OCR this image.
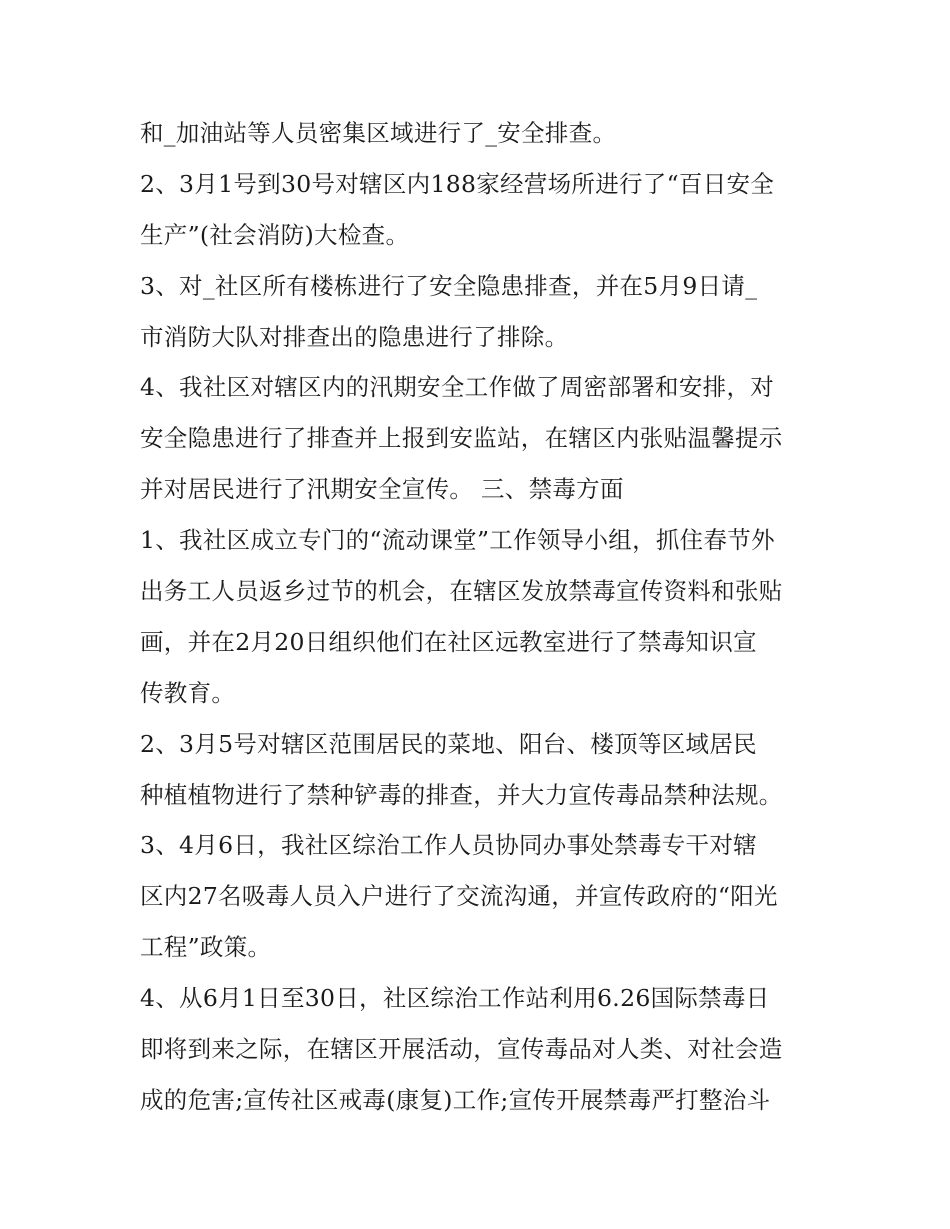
和_加油站等人员密集区域进行了_安全排查。
2、3月1号到30号对辖区内188家经营场所进行了“百日安全
生产”(社会消防)大检查。
3、对_社区所有楼栋进行了安全隐患排查，并在5月9日请_
市消防大队对排查出的隐患进行了排除。
4、我社区对辖区内的汛期安全工作做了周密部署和安排，对
安全隐患进行了排查并上报到安监站，在辖区内张贴温馨提示
并对居民进行了汛期安全宣传。 三、禁毒方面
1、我社区成立专门的“流动课堂”工作领导小组，抓住春节外
出务工人员返乡过节的机会，在辖区发放禁毒宣传资料和张贴
画，并在2月20日组织他们在社区远教室进行了禁毒知识宣
传教育。
2、3月5号对辖区范围居民的菜地、阳台、楼顶等区域居民
种植植物进行了禁种铲毒的排查，并大力宣传毒品禁种法规。
3、4月6日，我社区综治工作人员协同办事处禁毒专干对辖
区内27名吸毒人员入户进行了交流沟通，并宣传政府的“阳光
工程”政策。
4、从6月1日至30日，社区综治工作站利用6.26国际禁毒日
即将到来之际，在辖区开展活动，宣传毒品对人类、对社会造
成的危害;宣传社区戒毒(康复)工作;宣传开展禁毒严打整治斗
